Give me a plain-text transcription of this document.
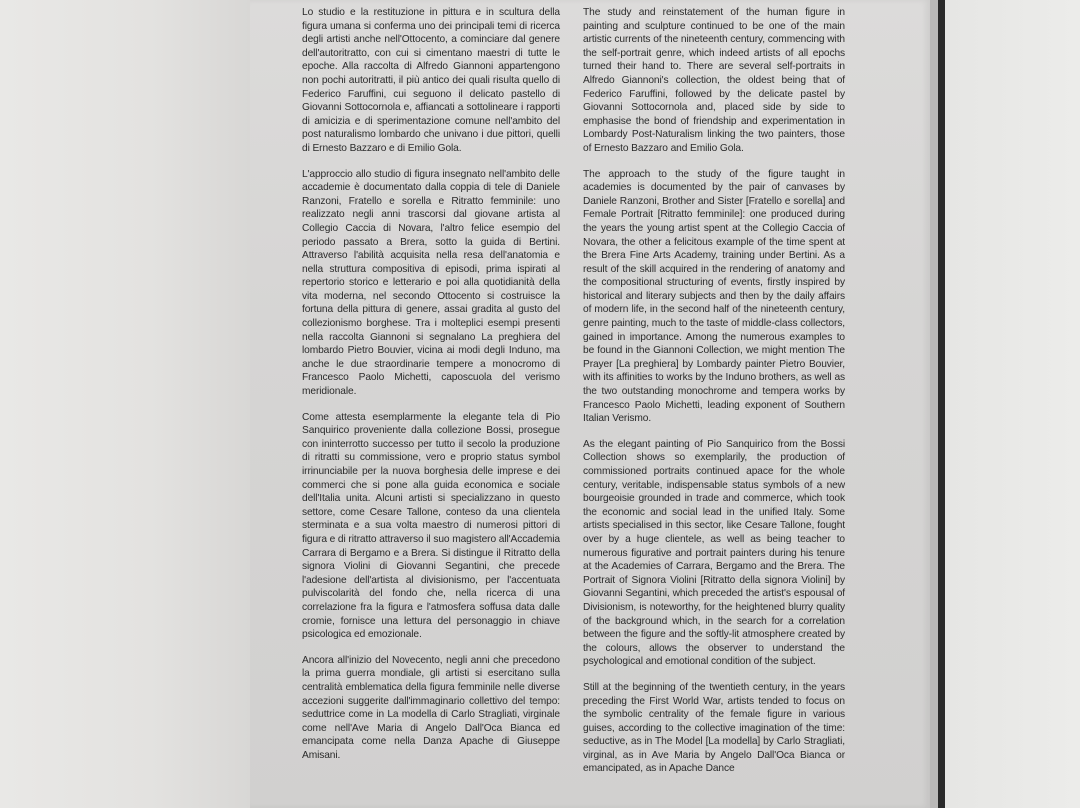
Lo studio e la restituzione in pittura e in scultura della figura umana si conferma uno dei principali temi di ricerca degli artisti anche nell'Ottocento, a cominciare dal genere dell'autoritratto, con cui si cimentano maestri di tutte le epoche. Alla raccolta di Alfredo Giannoni appartengono non pochi autoritratti, il più antico dei quali risulta quello di Federico Faruffini, cui seguono il delicato pastello di Giovanni Sottocornola e, affiancati a sottolineare i rapporti di amicizia e di sperimentazione comune nell'ambito del post naturalismo lombardo che univano i due pittori, quelli di Ernesto Bazzaro e di Emilio Gola.

L'approccio allo studio di figura insegnato nell'ambito delle accademie è documentato dalla coppia di tele di Daniele Ranzoni, Fratello e sorella e Ritratto femminile: uno realizzato negli anni trascorsi dal giovane artista al Collegio Caccia di Novara, l'altro felice esempio del periodo passato a Brera, sotto la guida di Bertini. Attraverso l'abilità acquisita nella resa dell'anatomia e nella struttura compositiva di episodi, prima ispirati al repertorio storico e letterario e poi alla quotidianità della vita moderna, nel secondo Ottocento si costruisce la fortuna della pittura di genere, assai gradita al gusto del collezionismo borghese. Tra i molteplici esempi presenti nella raccolta Giannoni si segnalano La preghiera del lombardo Pietro Bouvier, vicina ai modi degli Induno, ma anche le due straordinarie tempere a monocromo di Francesco Paolo Michetti, caposcuola del verismo meridionale.

Come attesta esemplarmente la elegante tela di Pio Sanquirico proveniente dalla collezione Bossi, prosegue con ininterrotto successo per tutto il secolo la produzione di ritratti su commissione, vero e proprio status symbol irrinunciabile per la nuova borghesia delle imprese e dei commerci che si pone alla guida economica e sociale dell'Italia unita. Alcuni artisti si specializzano in questo settore, come Cesare Tallone, conteso da una clientela sterminata e a sua volta maestro di numerosi pittori di figura e di ritratto attraverso il suo magistero all'Accademia Carrara di Bergamo e a Brera. Si distingue il Ritratto della signora Violini di Giovanni Segantini, che precede l'adesione dell'artista al divisionismo, per l'accentuata pulviscolarità del fondo che, nella ricerca di una correlazione fra la figura e l'atmosfera soffusa data dalle cromie, fornisce una lettura del personaggio in chiave psicologica ed emozionale.

Ancora all'inizio del Novecento, negli anni che precedono la prima guerra mondiale, gli artisti si esercitano sulla centralità emblematica della figura femminile nelle diverse accezioni suggerite dall'immaginario collettivo del tempo: seduttrice come in La modella di Carlo Stragliati, virginale come nell'Ave Maria di Angelo Dall'Oca Bianca ed emancipata come nella Danza Apache di Giuseppe Amisani.

The study and reinstatement of the human figure in painting and sculpture continued to be one of the main artistic currents of the nineteenth century, commencing with the self-portrait genre, which indeed artists of all epochs turned their hand to. There are several self-portraits in Alfredo Giannoni's collection, the oldest being that of Federico Faruffini, followed by the delicate pastel by Giovanni Sottocornola and, placed side by side to emphasise the bond of friendship and experimentation in Lombardy Post-Naturalism linking the two painters, those of Ernesto Bazzaro and Emilio Gola.

The approach to the study of the figure taught in academies is documented by the pair of canvases by Daniele Ranzoni, Brother and Sister [Fratello e sorella] and Female Portrait [Ritratto femminile]: one produced during the years the young artist spent at the Collegio Caccia of Novara, the other a felicitous example of the time spent at the Brera Fine Arts Academy, training under Bertini. As a result of the skill acquired in the rendering of anatomy and the compositional structuring of events, firstly inspired by historical and literary subjects and then by the daily affairs of modern life, in the second half of the nineteenth century, genre painting, much to the taste of middle-class collectors, gained in importance. Among the numerous examples to be found in the Giannoni Collection, we might mention The Prayer [La preghiera] by Lombardy painter Pietro Bouvier, with its affinities to works by the Induno brothers, as well as the two outstanding monochrome and tempera works by Francesco Paolo Michetti, leading exponent of Southern Italian Verismo.

As the elegant painting of Pio Sanquirico from the Bossi Collection shows so exemplarily, the production of commissioned portraits continued apace for the whole century, veritable, indispensable status symbols of a new bourgeoisie grounded in trade and commerce, which took the economic and social lead in the unified Italy. Some artists specialised in this sector, like Cesare Tallone, fought over by a huge clientele, as well as being teacher to numerous figurative and portrait painters during his tenure at the Academies of Carrara, Bergamo and the Brera. The Portrait of Signora Violini [Ritratto della signora Violini] by Giovanni Segantini, which preceded the artist's espousal of Divisionism, is noteworthy, for the heightened blurry quality of the background which, in the search for a correlation between the figure and the softly-lit atmosphere created by the colours, allows the observer to understand the psychological and emotional condition of the subject.

Still at the beginning of the twentieth century, in the years preceding the First World War, artists tended to focus on the symbolic centrality of the female figure in various guises, according to the collective imagination of the time: seductive, as in The Model [La modella] by Carlo Stragliati, virginal, as in Ave Maria by Angelo Dall'Oca Bianca or emancipated, as in Apache Dance
